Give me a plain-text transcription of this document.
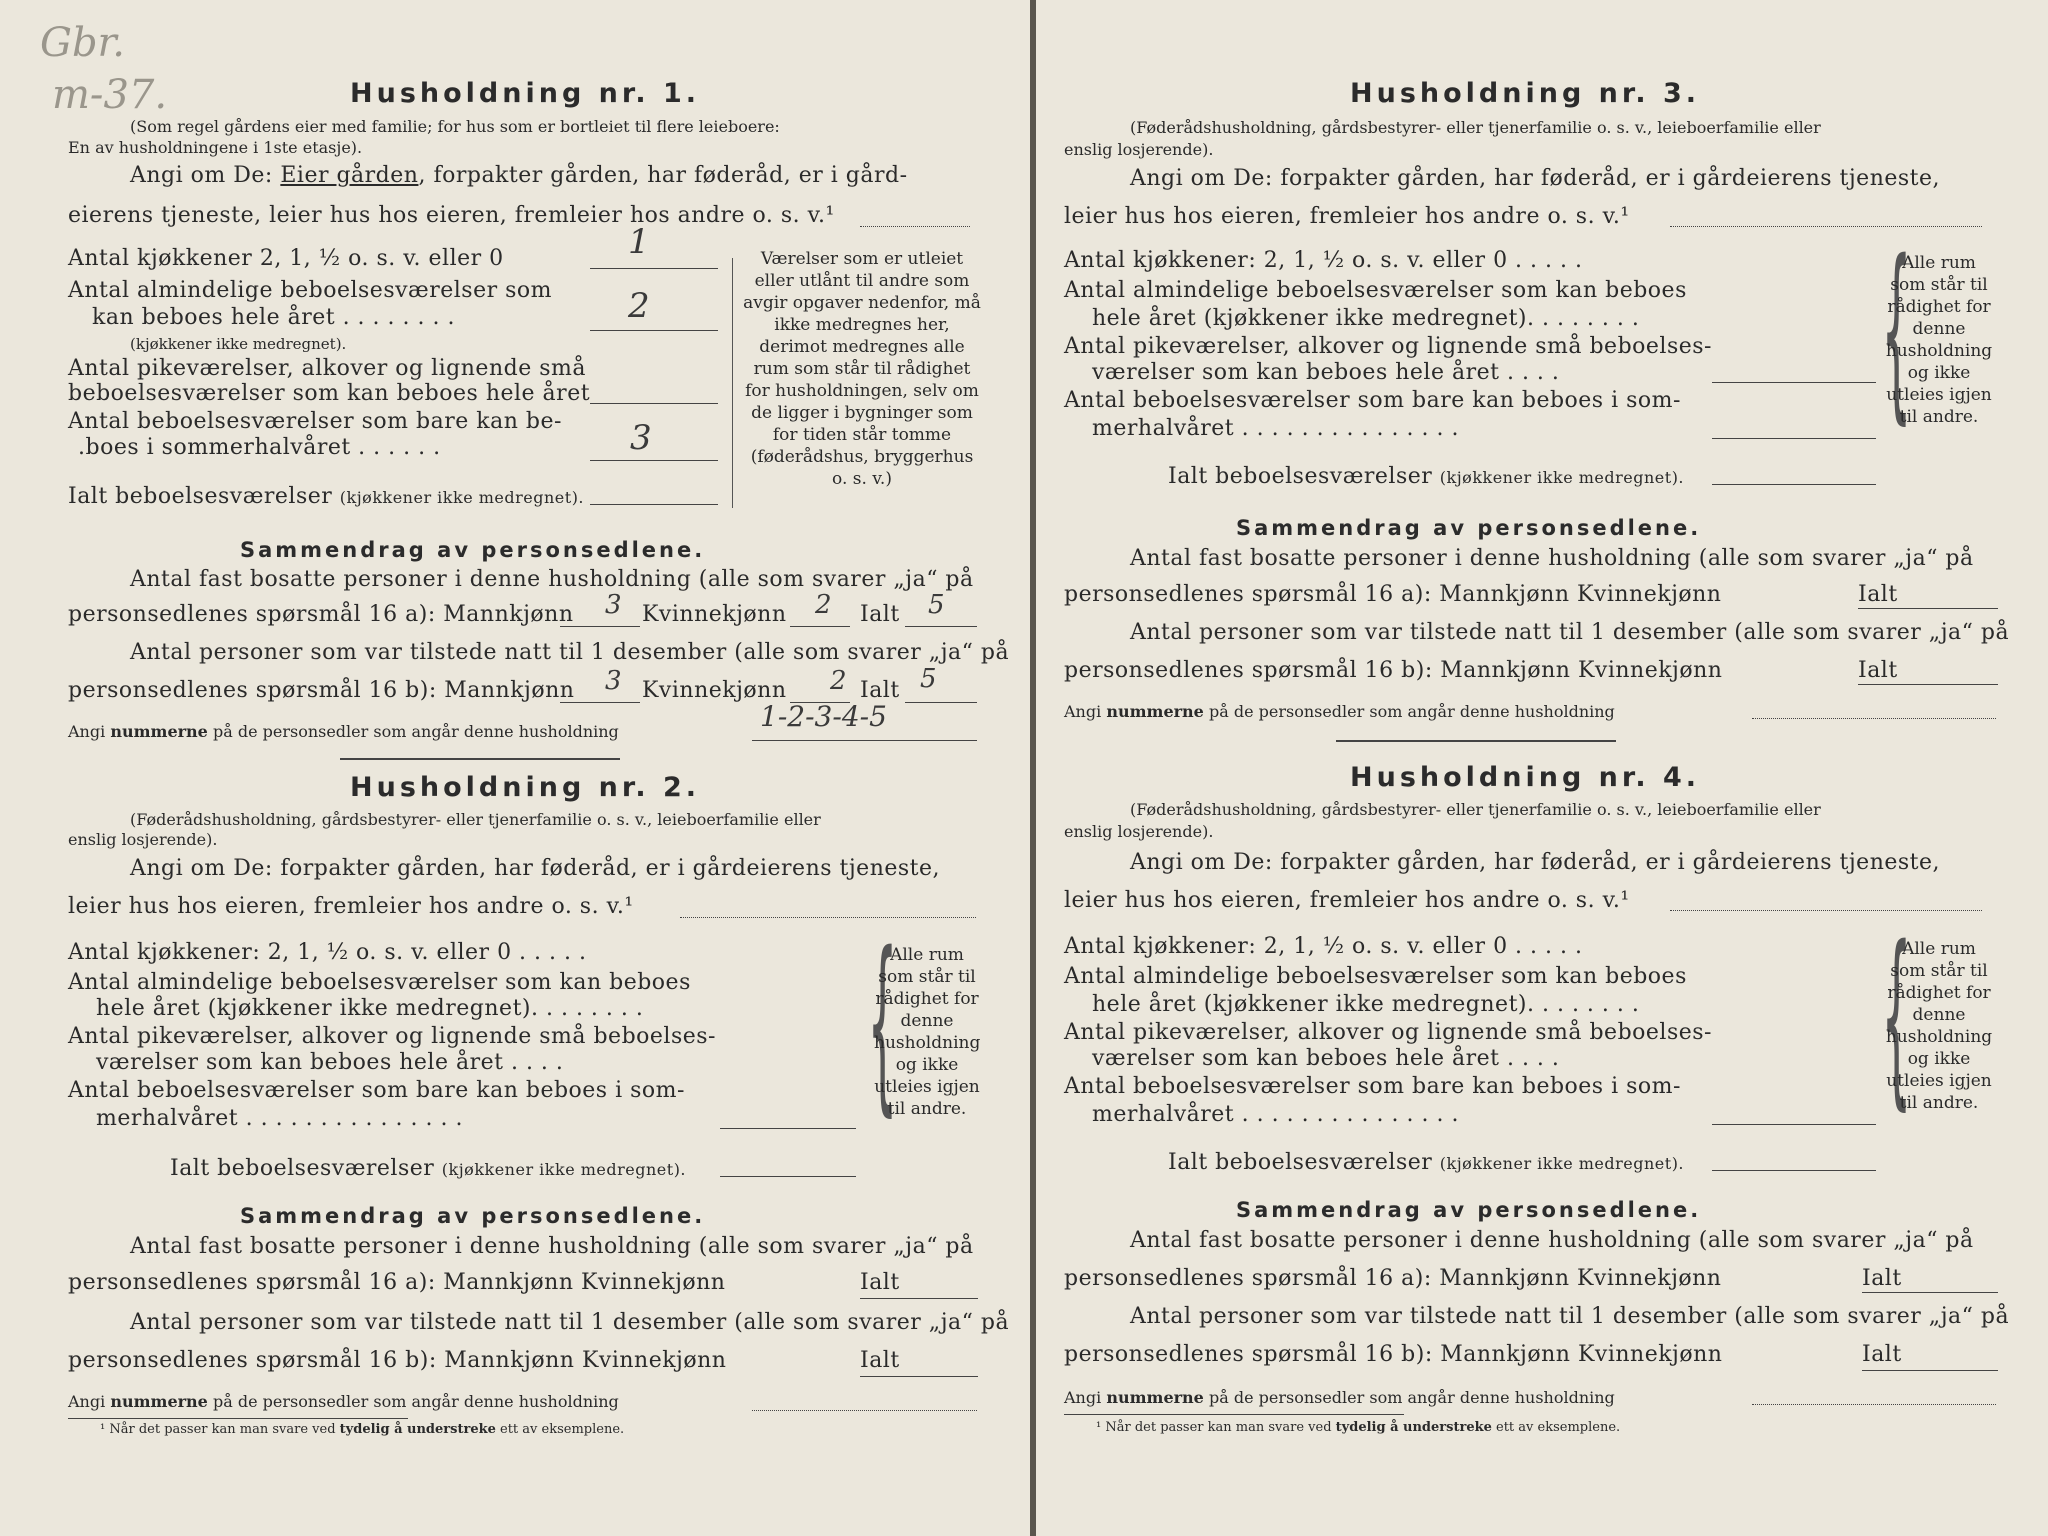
Gbr.
m-37.	Husholdning nr. 1.
(Som regel gårdens eier med familie; for hus som er bortleiet til flere leieboere:
En av husholdningene i 1ste etasje).
Angi om De: Eier gården, forpakter gården, har føderåd, er i gård-
eierens tjeneste, leier hus hos eieren, fremleier hos andre o. s. v.¹
Antal kjøkkener 2, 1, ½ o. s. v. eller 0	1
Antal almindelige beboelsesværelser som
kan beboes hele året . . . . . . . .
(kjøkkener ikke medregnet).
2
Antal pikeværelser, alkover og lignende små
beboelsesværelser som kan beboes hele året
Antal beboelsesværelser som bare kan be-
.boes i sommerhalvåret . . . . . .	3
Ialt beboelsesværelser (kjøkkener ikke medregnet).
Værelser som er utleiet eller utlånt til andre som avgir opgaver nedenfor, må ikke medregnes her, derimot medregnes alle rum som står til rådighet for husholdningen, selv om de ligger i bygninger som for tiden står tomme (føderådshus, bryggerhus o. s. v.)
Sammendrag av personsedlene.
Antal fast bosatte personer i denne husholdning (alle som svarer „ja“ på
personsedlenes spørsmål 16 a): Mannkjønn 3 Kvinnekjønn 2 Ialt 5
Antal personer som var tilstede natt til 1 desember (alle som svarer „ja“ på
personsedlenes spørsmål 16 b): Mannkjønn 3 Kvinnekjønn 2 Ialt 5
Angi nummerne på de personsedler som angår denne husholdning	1-2-3-4-5
Husholdning nr. 2.
(Føderådshusholdning, gårdsbestyrer- eller tjenerfamilie o. s. v., leieboerfamilie eller
enslig losjerende).
Angi om De: forpakter gården, har føderåd, er i gårdeierens tjeneste,
leier hus hos eieren, fremleier hos andre o. s. v.¹
Antal kjøkkener: 2, 1, ½ o. s. v. eller 0 . . . . .
Antal almindelige beboelsesværelser som kan beboes
hele året (kjøkkener ikke medregnet). . . . . . . .
Antal pikeværelser, alkover og lignende små beboelses-
værelser som kan beboes hele året . . . .
Antal beboelsesværelser som bare kan beboes i som-
merhalvåret . . . . . . . . . . . . . . .
Ialt beboelsesværelser (kjøkkener ikke medregnet).
{
Alle rum som står til rådighet for denne husholdning og ikke utleies igjen til andre.
Sammendrag av personsedlene.
Antal fast bosatte personer i denne husholdning (alle som svarer „ja“ på
personsedlenes spørsmål 16 a): Mannkjønn Kvinnekjønn	Ialt
Antal personer som var tilstede natt til 1 desember (alle som svarer „ja“ på
personsedlenes spørsmål 16 b): Mannkjønn Kvinnekjønn	Ialt
Angi nummerne på de personsedler som angår denne husholdning
¹ Når det passer kan man svare ved tydelig å understreke ett av eksemplene.
Husholdning nr. 3.
(Føderådshusholdning, gårdsbestyrer- eller tjenerfamilie o. s. v., leieboerfamilie eller
enslig losjerende).
Angi om De: forpakter gården, har føderåd, er i gårdeierens tjeneste,
leier hus hos eieren, fremleier hos andre o. s. v.¹
Antal kjøkkener: 2, 1, ½ o. s. v. eller 0 . . . . .
Antal almindelige beboelsesværelser som kan beboes
hele året (kjøkkener ikke medregnet). . . . . . . .
Antal pikeværelser, alkover og lignende små beboelses-
værelser som kan beboes hele året . . . .
Antal beboelsesværelser som bare kan beboes i som-
merhalvåret . . . . . . . . . . . . . . .
Ialt beboelsesværelser (kjøkkener ikke medregnet).
{
Alle rum som står til rådighet for denne husholdning og ikke utleies igjen til andre.
Sammendrag av personsedlene.
Antal fast bosatte personer i denne husholdning (alle som svarer „ja“ på
personsedlenes spørsmål 16 a): Mannkjønn Kvinnekjønn	Ialt
Antal personer som var tilstede natt til 1 desember (alle som svarer „ja“ på
personsedlenes spørsmål 16 b): Mannkjønn Kvinnekjønn	Ialt
Angi nummerne på de personsedler som angår denne husholdning
Husholdning nr. 4.
(Føderådshusholdning, gårdsbestyrer- eller tjenerfamilie o. s. v., leieboerfamilie eller
enslig losjerende).
Angi om De: forpakter gården, har føderåd, er i gårdeierens tjeneste,
leier hus hos eieren, fremleier hos andre o. s. v.¹
Antal kjøkkener: 2, 1, ½ o. s. v. eller 0 . . . . .
Antal almindelige beboelsesværelser som kan beboes
hele året (kjøkkener ikke medregnet). . . . . . . .
Antal pikeværelser, alkover og lignende små beboelses-
værelser som kan beboes hele året . . . .
Antal beboelsesværelser som bare kan beboes i som-
merhalvåret . . . . . . . . . . . . . . .
Ialt beboelsesværelser (kjøkkener ikke medregnet).
{
Alle rum som står til rådighet for denne husholdning og ikke utleies igjen til andre.
Sammendrag av personsedlene.
Antal fast bosatte personer i denne husholdning (alle som svarer „ja“ på
personsedlenes spørsmål 16 a): Mannkjønn Kvinnekjønn	Ialt
Antal personer som var tilstede natt til 1 desember (alle som svarer „ja“ på
personsedlenes spørsmål 16 b): Mannkjønn Kvinnekjønn	Ialt
Angi nummerne på de personsedler som angår denne husholdning
¹ Når det passer kan man svare ved tydelig å understreke ett av eksemplene.
